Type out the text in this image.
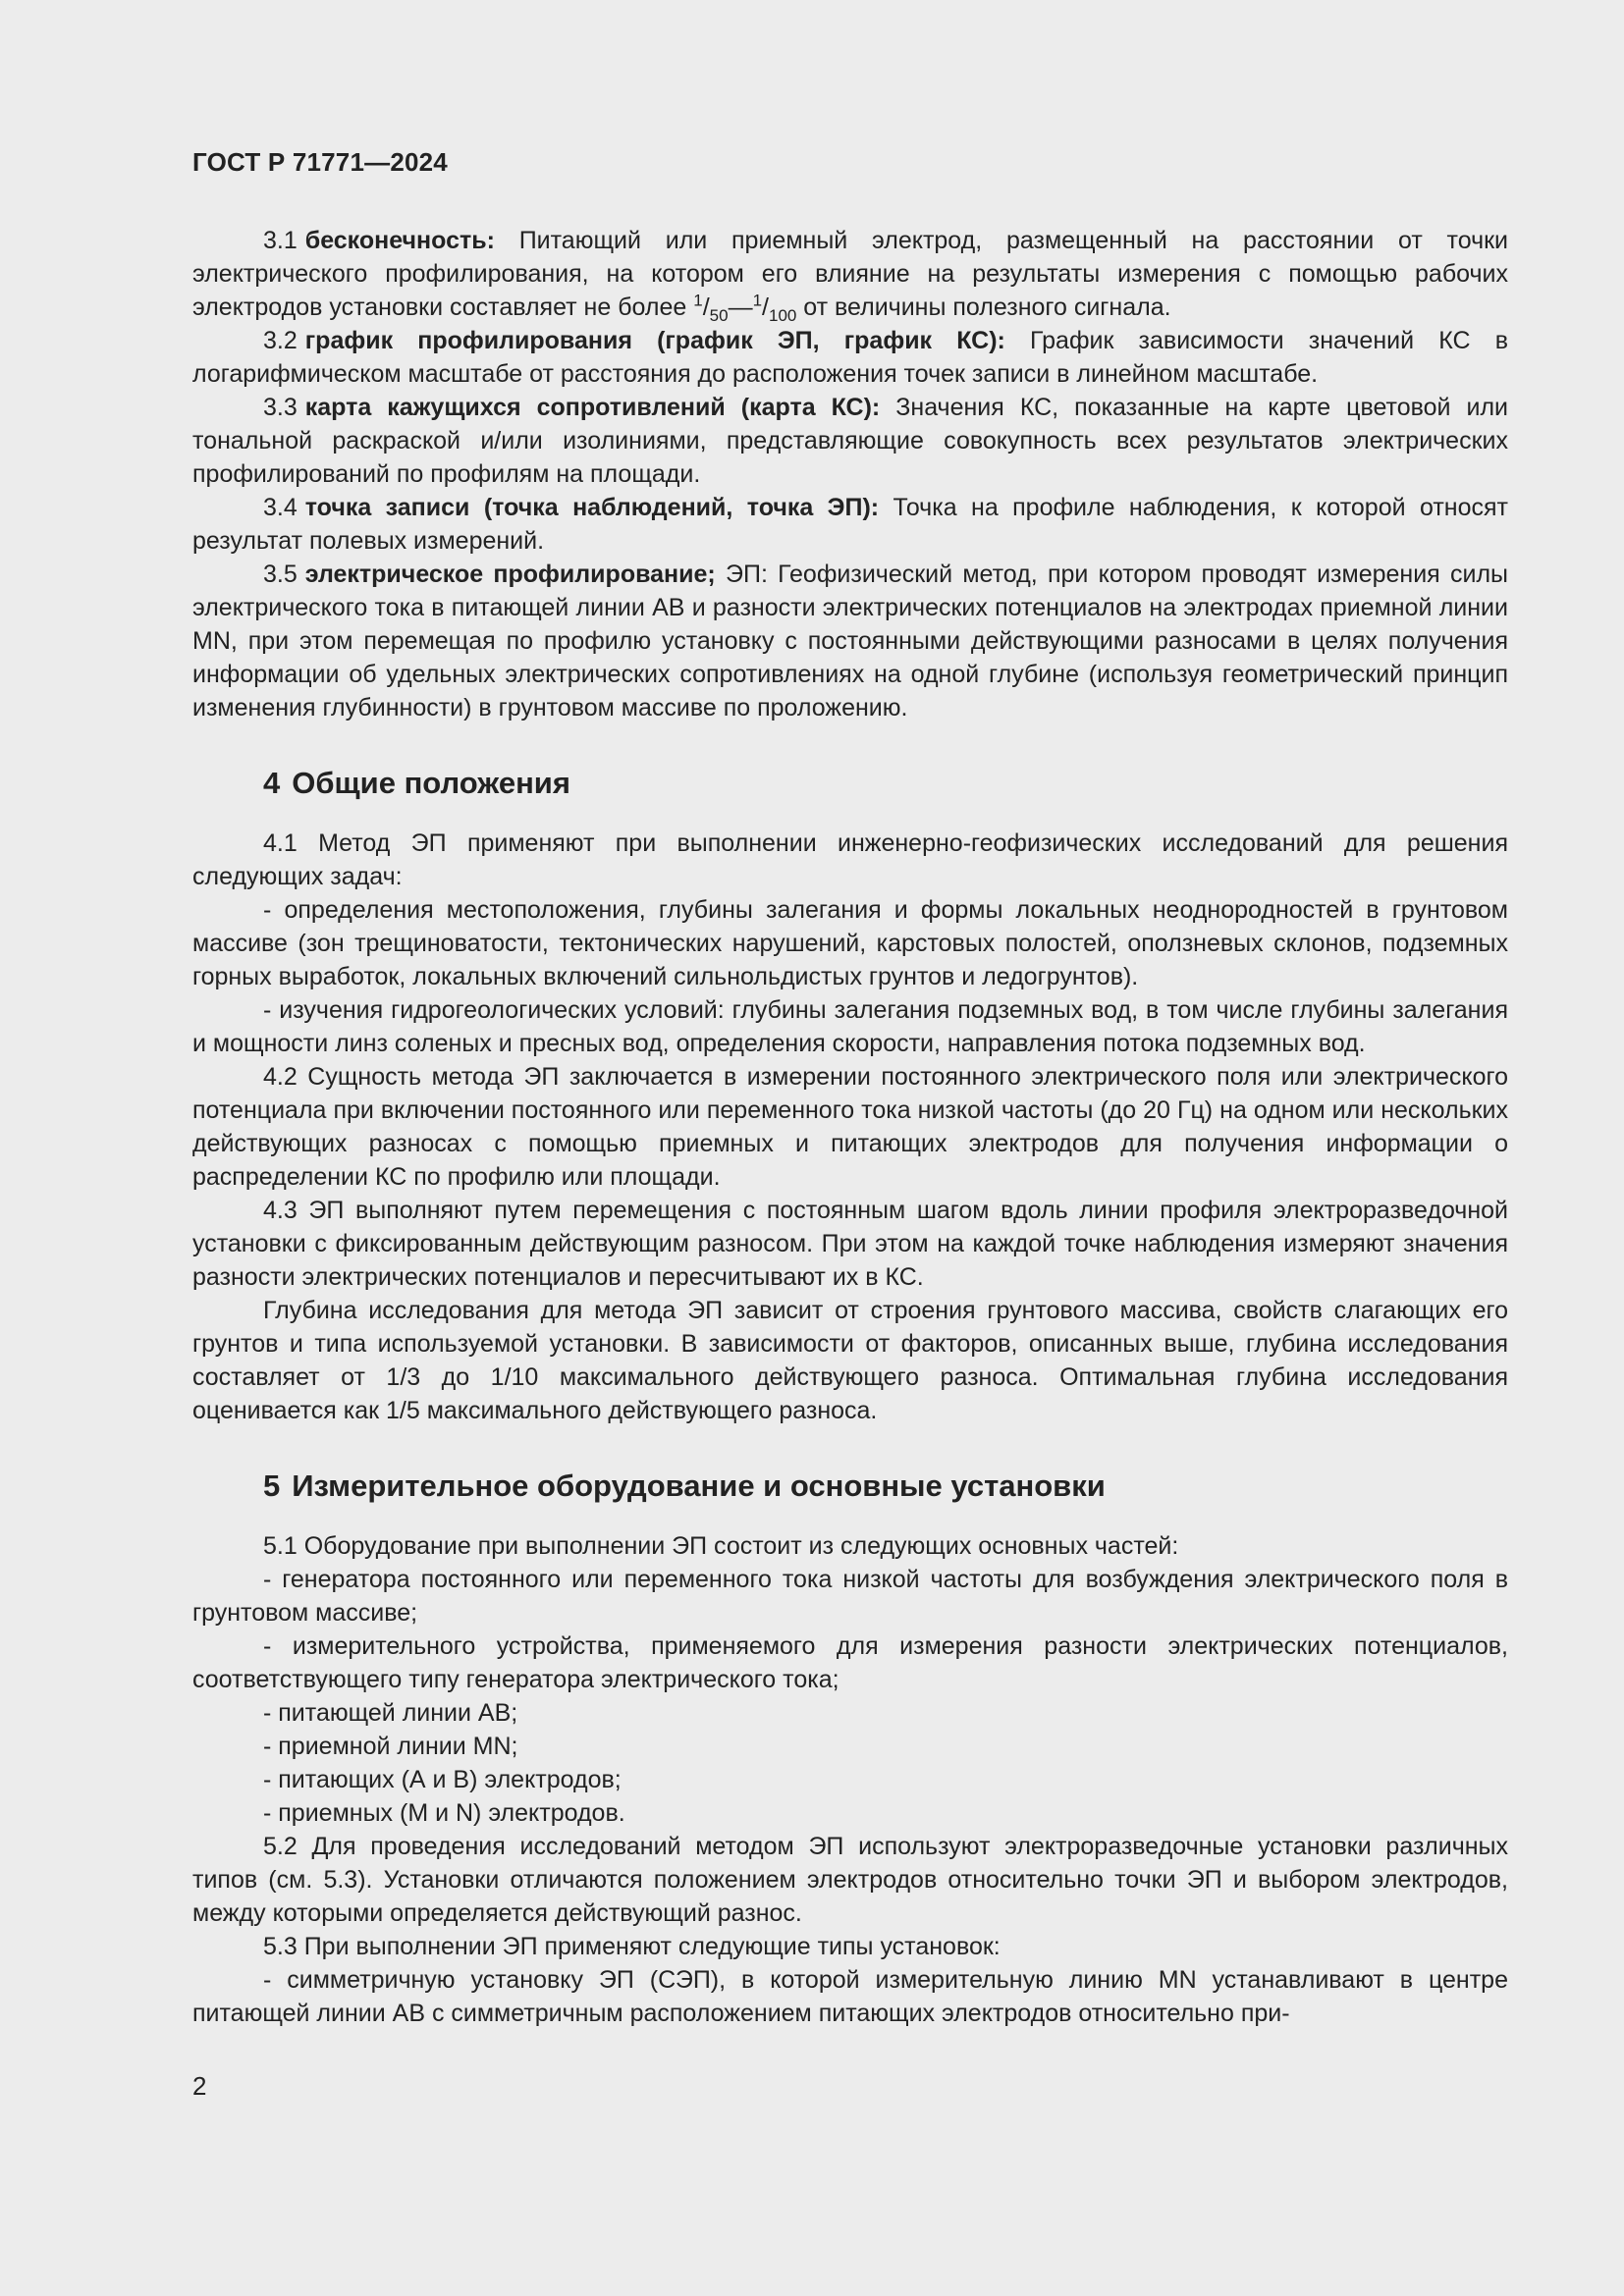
ГОСТ Р 71771—2024

3.1 бесконечность: Питающий или приемный электрод, размещенный на расстоянии от точки электрического профилирования, на котором его влияние на результаты измерения с помощью рабочих электродов установки составляет не более $^1/_{50}—^1/_{100}$ от величины полезного сигнала.

3.2 график профилирования (график ЭП, график КС): График зависимости значений КС в логарифмическом масштабе от расстояния до расположения точек записи в линейном масштабе.

3.3 карта кажущихся сопротивлений (карта КС): Значения КС, показанные на карте цветовой или тональной раскраской и/или изолиниями, представляющие совокупность всех результатов электрических профилирований по профилям на площади.

3.4 точка записи (точка наблюдений, точка ЭП): Точка на профиле наблюдения, к которой относят результат полевых измерений.

3.5 электрическое профилирование; ЭП: Геофизический метод, при котором проводят измерения силы электрического тока в питающей линии АВ и разности электрических потенциалов на электродах приемной линии MN, при этом перемещая по профилю установку с постоянными действующими разносами в целях получения информации об удельных электрических сопротивлениях на одной глубине (используя геометрический принцип изменения глубинности) в грунтовом массиве по проложению.

4 Общие положения

4.1 Метод ЭП применяют при выполнении инженерно-геофизических исследований для решения следующих задач:

- определения местоположения, глубины залегания и формы локальных неоднородностей в грунтовом массиве (зон трещиноватости, тектонических нарушений, карстовых полостей, оползневых склонов, подземных горных выработок, локальных включений сильнольдистых грунтов и ледогрунтов).

- изучения гидрогеологических условий: глубины залегания подземных вод, в том числе глубины залегания и мощности линз соленых и пресных вод, определения скорости, направления потока подземных вод.

4.2 Сущность метода ЭП заключается в измерении постоянного электрического поля или электрического потенциала при включении постоянного или переменного тока низкой частоты (до 20 Гц) на одном или нескольких действующих разносах с помощью приемных и питающих электродов для получения информации о распределении КС по профилю или площади.

4.3 ЭП выполняют путем перемещения с постоянным шагом вдоль линии профиля электроразведочной установки с фиксированным действующим разносом. При этом на каждой точке наблюдения измеряют значения разности электрических потенциалов и пересчитывают их в КС.

Глубина исследования для метода ЭП зависит от строения грунтового массива, свойств слагающих его грунтов и типа используемой установки. В зависимости от факторов, описанных выше, глубина исследования составляет от 1/3 до 1/10 максимального действующего разноса. Оптимальная глубина исследования оценивается как 1/5 максимального действующего разноса.

5 Измерительное оборудование и основные установки

5.1 Оборудование при выполнении ЭП состоит из следующих основных частей:

- генератора постоянного или переменного тока низкой частоты для возбуждения электрического поля в грунтовом массиве;

- измерительного устройства, применяемого для измерения разности электрических потенциалов, соответствующего типу генератора электрического тока;

- питающей линии АВ;

- приемной линии MN;

- питающих (А и В) электродов;

- приемных (М и N) электродов.

5.2 Для проведения исследований методом ЭП используют электроразведочные установки различных типов (см. 5.3). Установки отличаются положением электродов относительно точки ЭП и выбором электродов, между которыми определяется действующий разнос.

5.3 При выполнении ЭП применяют следующие типы установок:

- симметричную установку ЭП (СЭП), в которой измерительную линию MN устанавливают в центре питающей линии АВ с симметричным расположением питающих электродов относительно при-

2
